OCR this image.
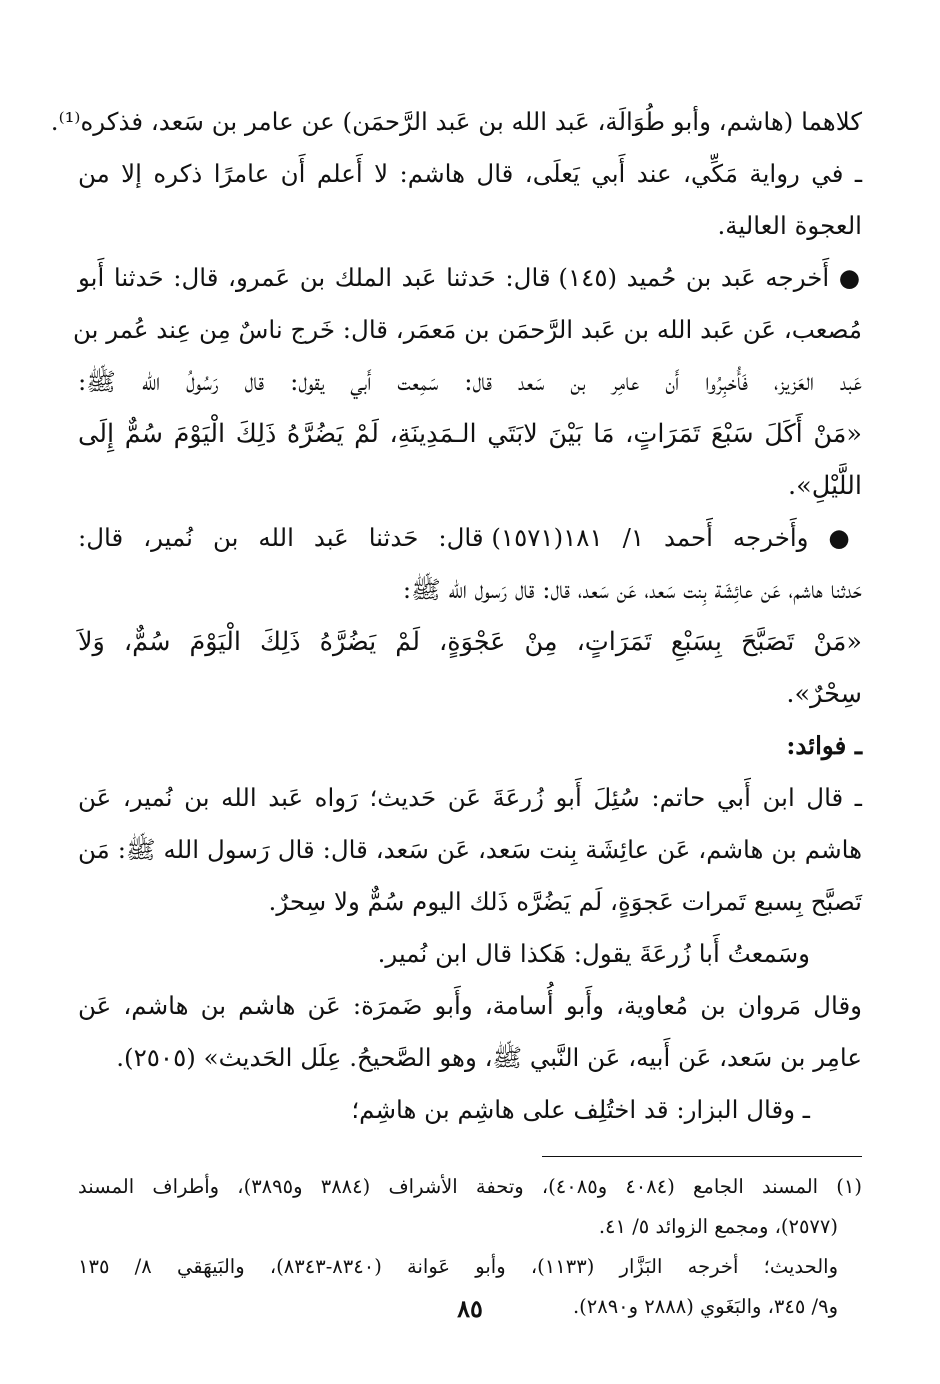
كلاهما (هاشم، وأبو طُوَالَة، عَبد الله بن عَبد الرَّحمَن) عن عامر بن سَعد، فذكره⁽¹⁾.
ـ في رواية مَكِّي، عند أَبي يَعلَى، قال هاشم: لا أَعلم أَن عامرًا ذكره إلا من
العجوة العالية.
● أَخرجه عَبد بن حُميد (١٤٥) قال: حَدثنا عَبد الملك بن عَمرو، قال: حَدثنا أَبو
مُصعب، عَن عَبد الله بن عَبد الرَّحمَن بن مَعمَر، قال: خَرج ناسٌ مِن عِند عُمر بن
عَبد العَزيز، فَأُخبِرُوا أَن عامِر بن سَعد قال: سَمِعت أَبي يقول: قال رَسُولُ الله ﷺ:
«مَنْ أَكَلَ سَبْعَ تَمَرَاتٍ، مَا بَيْنَ لابَتَي الـمَدِينَةِ، لَمْ يَضُرَّهُ ذَلِكَ الْيَوْمَ سُمٌّ إِلَى
اللَّيْلِ».
● وأَخرجه أَحمد ١/ ١٨١(١٥٧١) قال: حَدثنا عَبد الله بن نُمير، قال:
حَدثنا هاشم، عَن عائِشَة بِنت سَعد، عَن سَعد، قال: قال رَسول الله ﷺ:
«مَنْ تَصَبَّحَ بِسَبْعِ تَمَرَاتٍ، مِنْ عَجْوَةٍ، لَمْ يَضُرَّهُ ذَلِكَ الْيَوْمَ سُمٌّ، وَلاَ
سِحْرٌ».
ـ فوائد:
ـ قال ابن أَبي حاتم: سُئِلَ أَبو زُرعَةَ عَن حَديث؛ رَواه عَبد الله بن نُمير، عَن
هاشم بن هاشم، عَن عائِشَة بِنت سَعد، عَن سَعد، قال: قال رَسول الله ﷺ: مَن
تَصبَّح بِسبع تَمرات عَجوَةٍ، لَم يَضُرَّه ذَلك اليوم سُمٌّ ولا سِحرٌ.
وسَمعتُ أَبا زُرعَةَ يقول: هَكذا قال ابن نُمير.
وقال مَروان بن مُعاوية، وأَبو أُسامة، وأَبو ضَمرَة: عَن هاشم بن هاشم، عَن
عامِر بن سَعد، عَن أَبيه، عَن النَّبي ﷺ، وهو الصَّحيحُ. عِلَل الحَديث» (٢٥٠٥).
ـ وقال البزار: قد اختُلِف على هاشِم بن هاشِم؛
(١) المسند الجامع (٤٠٨٤ و٤٠٨٥)، وتحفة الأشراف (٣٨٨٤ و٣٨٩٥)، وأطراف المسند
(٢٥٧٧)، ومجمع الزوائد ٥/ ٤١.
والحديث؛ أخرجه البَزَّار (١١٣٣)، وأبو عَوانة (٨٣٤٠-٨٣٤٣)، والبَيهَقي ٨/ ١٣٥
و٩/ ٣٤٥، والبَغَوي (٢٨٨٨ و٢٨٩٠).
٨٥
